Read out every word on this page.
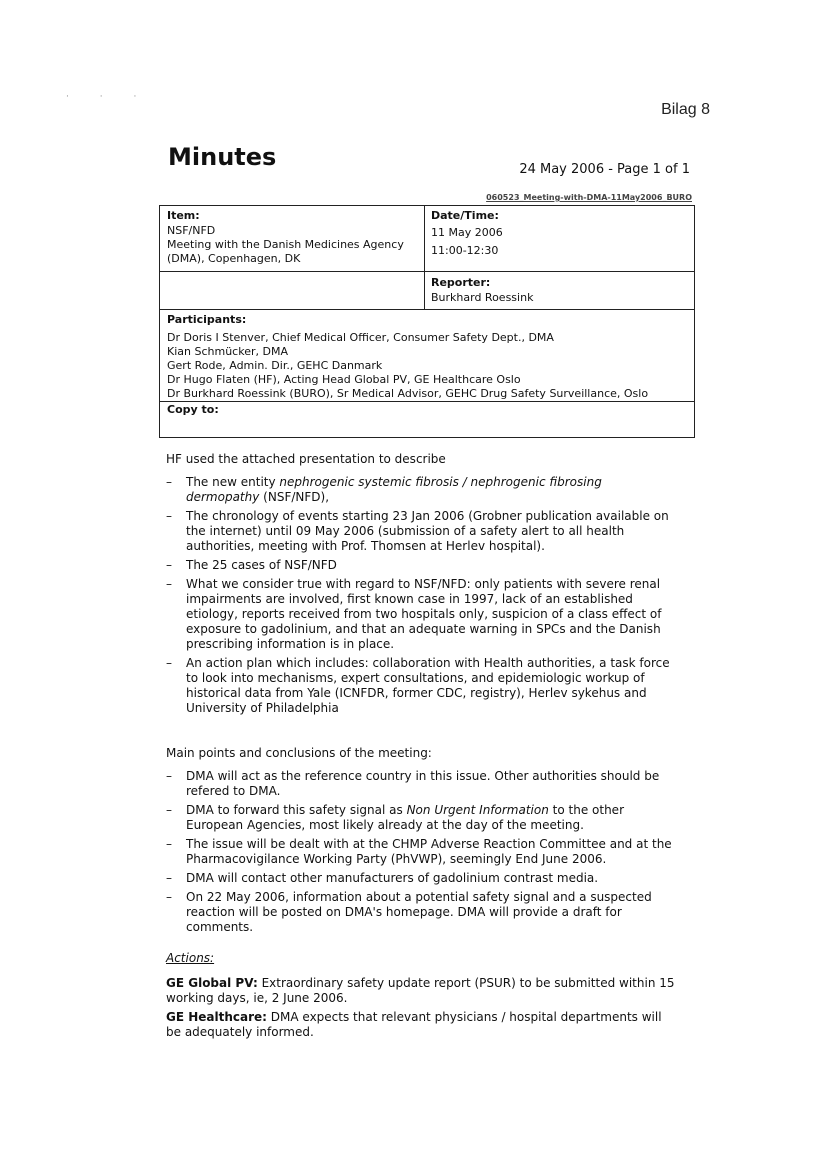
· · ·
Bilag 8
Minutes	24 May 2006 - Page 1 of 1
060523_Meeting-with-DMA-11May2006_BURO
Item:
NSF/NFD
Meeting with the Danish Medicines Agency
(DMA), Copenhagen, DK
Date/Time:
11 May 2006
11:00-12:30
Reporter:
Burkhard Roessink
Participants:
Dr Doris I Stenver, Chief Medical Officer, Consumer Safety Dept., DMA
Kian Schmücker, DMA
Gert Rode, Admin. Dir., GEHC Danmark
Dr Hugo Flaten (HF), Acting Head Global PV, GE Healthcare Oslo
Dr Burkhard Roessink (BURO), Sr Medical Advisor, GEHC Drug Safety Surveillance, Oslo
Copy to:

HF used the attached presentation to describe

– The new entity nephrogenic systemic fibrosis / nephrogenic fibrosing dermopathy (NSF/NFD),
– The chronology of events starting 23 Jan 2006 (Grobner publication available on the internet) until 09 May 2006 (submission of a safety alert to all health authorities, meeting with Prof. Thomsen at Herlev hospital).
– The 25 cases of NSF/NFD
– What we consider true with regard to NSF/NFD: only patients with severe renal impairments are involved, first known case in 1997, lack of an established etiology, reports received from two hospitals only, suspicion of a class effect of exposure to gadolinium, and that an adequate warning in SPCs and the Danish prescribing information is in place.
– An action plan which includes: collaboration with Health authorities, a task force to look into mechanisms, expert consultations, and epidemiologic workup of historical data from Yale (ICNFDR, former CDC, registry), Herlev sykehus and University of Philadelphia

Main points and conclusions of the meeting:

– DMA will act as the reference country in this issue. Other authorities should be refered to DMA.
– DMA to forward this safety signal as Non Urgent Information to the other European Agencies, most likely already at the day of the meeting.
– The issue will be dealt with at the CHMP Adverse Reaction Committee and at the Pharmacovigilance Working Party (PhVWP), seemingly End June 2006.
– DMA will contact other manufacturers of gadolinium contrast media.
– On 22 May 2006, information about a potential safety signal and a suspected reaction will be posted on DMA's homepage. DMA will provide a draft for comments.

Actions:

GE Global PV: Extraordinary safety update report (PSUR) to be submitted within 15 working days, ie, 2 June 2006.

GE Healthcare: DMA expects that relevant physicians / hospital departments will be adequately informed.
